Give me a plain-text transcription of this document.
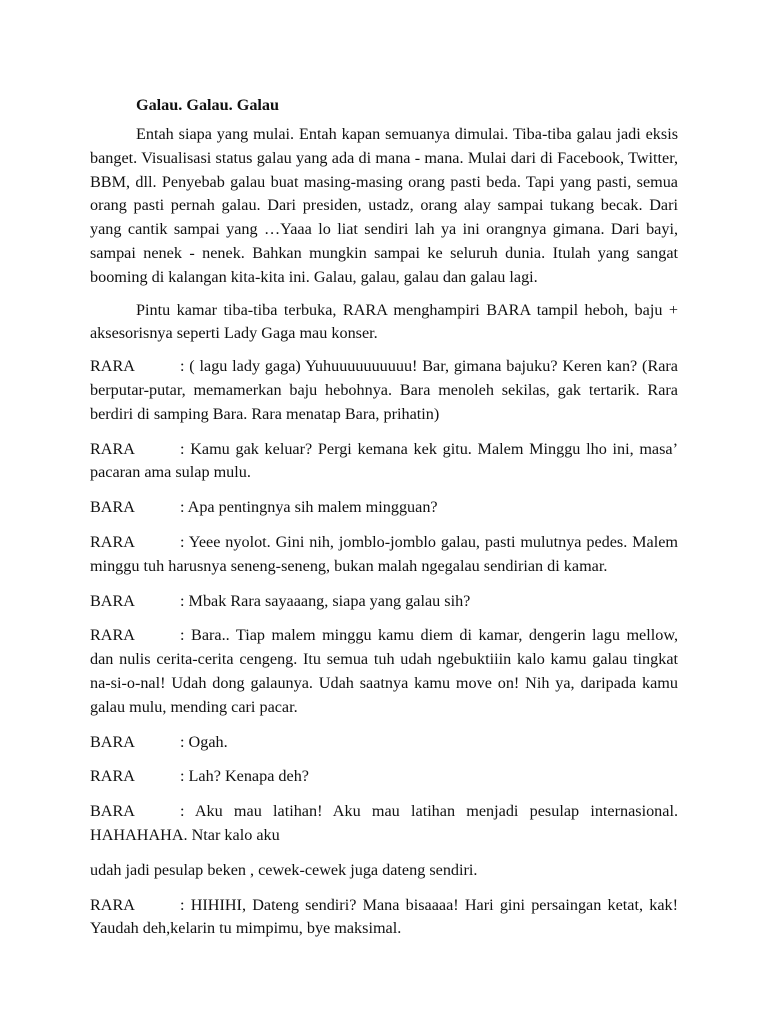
Galau. Galau. Galau

Entah siapa yang mulai. Entah kapan semuanya dimulai. Tiba-tiba galau jadi eksis banget. Visualisasi status galau yang ada di mana - mana. Mulai dari di Facebook, Twitter, BBM, dll. Penyebab galau buat masing-masing orang pasti beda. Tapi yang pasti, semua orang pasti pernah galau. Dari presiden, ustadz, orang alay sampai tukang becak. Dari yang cantik sampai yang …Yaaa lo liat sendiri lah ya ini orangnya gimana. Dari bayi, sampai nenek - nenek. Bahkan mungkin sampai ke seluruh dunia. Itulah yang sangat booming di kalangan kita-kita ini. Galau, galau, galau dan galau lagi.

Pintu kamar tiba-tiba terbuka, RARA menghampiri BARA tampil heboh, baju + aksesorisnya seperti Lady Gaga mau konser.

RARA	: ( lagu lady gaga) Yuhuuuuuuuuuu! Bar, gimana bajuku? Keren kan? (Rara berputar-putar, memamerkan baju hebohnya. Bara menoleh sekilas, gak tertarik. Rara berdiri di samping Bara. Rara menatap Bara, prihatin)

RARA	: Kamu gak keluar? Pergi kemana kek gitu. Malem Minggu lho ini, masa’ pacaran ama sulap mulu.

BARA	: Apa pentingnya sih malem mingguan?

RARA	: Yeee nyolot. Gini nih, jomblo-jomblo galau, pasti mulutnya pedes. Malem minggu tuh harusnya seneng-seneng, bukan malah ngegalau sendirian di kamar.

BARA	: Mbak Rara sayaaang, siapa yang galau sih?

RARA	: Bara.. Tiap malem minggu kamu diem di kamar, dengerin lagu mellow, dan nulis cerita-cerita cengeng. Itu semua tuh udah ngebuktiiin kalo kamu galau tingkat na-si-o-nal! Udah dong galaunya. Udah saatnya kamu move on! Nih ya, daripada kamu galau mulu, mending cari pacar.

BARA	: Ogah.

RARA	: Lah? Kenapa deh?

BARA	: Aku mau latihan! Aku mau latihan menjadi pesulap internasional. HAHAHAHA. Ntar kalo aku

udah jadi pesulap beken , cewek-cewek juga dateng sendiri.

RARA	: HIHIHI, Dateng sendiri? Mana bisaaaa! Hari gini persaingan ketat, kak! Yaudah deh,kelarin tu mimpimu, bye maksimal.
